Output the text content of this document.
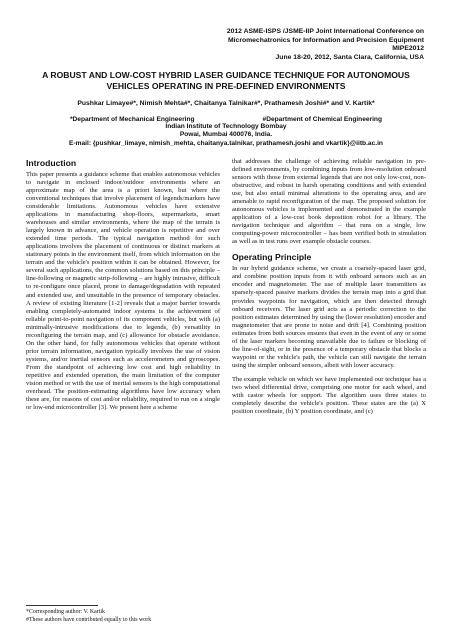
2012 ASME-ISPS /JSME-IIP Joint International Conference on
Micromechatronics for Information and Precision Equipment
MIPE2012
June 18-20, 2012, Santa Clara, California, USA
A ROBUST AND LOW-COST HYBRID LASER GUIDANCE TECHNIQUE FOR AUTONOMOUS VEHICLES OPERATING IN PRE-DEFINED ENVIRONMENTS
Pushkar Limaye#*, Nimish Mehta#*, Chaitanya Talnikar#*, Prathamesh Joshi#* and V. Kartik*
*Department of Mechanical Engineering	#Department of Chemical Engineering
Indian Institute of Technology Bombay
Powai, Mumbai 400076, India.
E-mail: {pushkar_limaye, nimish_mehta, chaitanya.talnikar, prathamesh.joshi and vkartik}@iitb.ac.in
Introduction

This paper presents a guidance scheme that enables autonomous vehicles to navigate in enclosed indoor/outdoor environments where an approximate map of the area is a priori known, but where the conventional techniques that involve placement of legends/markers have considerable limitations. Autonomous vehicles have extensive applications in manufacturing shop-floors, supermarkets, smart warehouses and similar environments, where the map of the terrain is largely known in advance, and vehicle operation is repetitive and over extended time periods. The typical navigation method for such applications involves the placement of continuous or distinct markers at stationary points in the environment itself, from which information on the terrain and the vehicle's position within it can be obtained. However, for several such applications, the common solutions based on this principle – line-following or magnetic strip-following – are highly intrusive, difficult to re-configure once placed, prone to damage/degradation with repeated and extended use, and unsuitable in the presence of temporary obstacles. A review of existing literature [1-2] reveals that a major barrier towards enabling completely-automated indoor systems is the achievement of reliable point-to-point navigation of its component vehicles, but with (a) minimally-intrusive modifications due to legends, (b) versatility in reconfiguring the terrain map, and (c) allowance for obstacle avoidance. On the other hand, for fully autonomous vehicles that operate without prior terrain information, navigation typically involves the use of vision systems, and/or inertial sensors such as accelerometers and gyroscopes. From the standpoint of achieving low cost and high reliability in repetitive and extended operation, the main limitation of the computer vision method or with the use of inertial sensors is the high computational overhead. The position-estimating algorithms have low accuracy when these are, for reasons of cost and/or reliability, required to run on a single or low-end microcontroller [3]. We present here a scheme

that addresses the challenge of achieving reliable navigation in pre-defined environments, by combining inputs from low-resolution onboard sensors with those from external legends that are not only low-cost, non-obstructive, and robust in harsh operating conditions and with extended use, but also entail minimal alterations to the operating area, and are amenable to rapid reconfiguration of the map. The proposed solution for autonomous vehicles is implemented and demonstrated in the example application of a low-cost book deposition robot for a library. The navigation technique and algorithm – that runs on a single, low computing-power microcontroller – has been verified both in simulation as well as in test runs over example obstacle courses.

Operating Principle

In our hybrid guidance scheme, we create a coarsely-spaced laser grid, and combine position inputs from it with onboard sensors such as an encoder and magnetometer. The use of multiple laser transmitters as sparsely-spaced passive markers divides the terrain map into a grid that provides waypoints for navigation, which are then detected through onboard receivers. The laser grid acts as a periodic correction to the position estimates determined by using the (lower resolution) encoder and magnetometer that are prone to noise and drift [4]. Combining position estimates from both sources ensures that even in the event of any or some of the laser markers becoming unavailable due to failure or blocking of the line-of-sight, or in the presence of a temporary obstacle that blocks a waypoint or the vehicle's path, the vehicle can still navigate the terrain using the simpler onboard sensors, albeit with lower accuracy.

The example vehicle on which we have implemented our technique has a two wheel differential drive, comprising one motor for each wheel, and with castor wheels for support. The algorithm uses three states to completely describe the vehicle's position. These states are the (a) X position coordinate, (b) Y position coordinate, and (c)

*Corresponding author: V. Kartik
#These authors have contributed equally to this work
